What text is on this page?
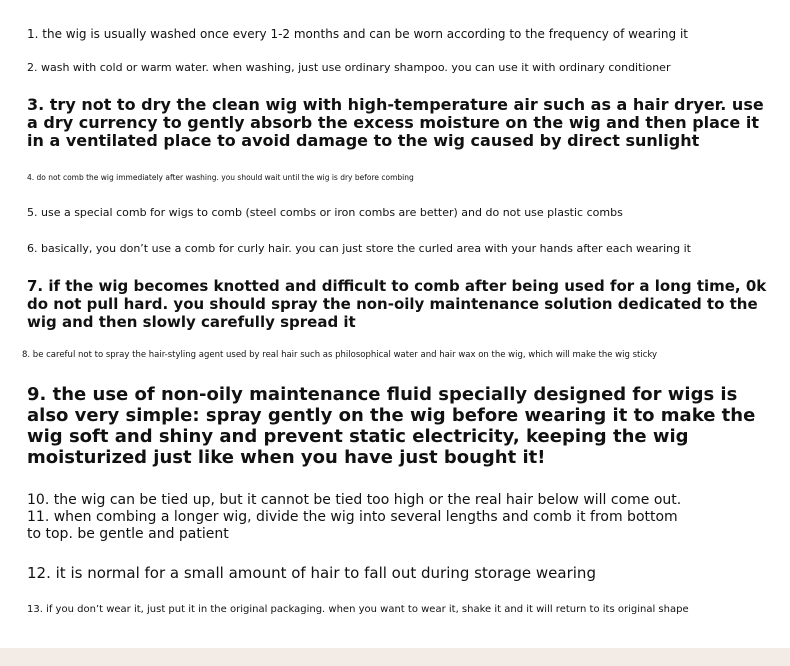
1. the wig is usually washed once every 1-2 months and can be worn according to the frequency of wearing it

2. wash with cold or warm water. when washing, just use ordinary shampoo. you can use it with ordinary conditioner

3. try not to dry the clean wig with high-temperature air such as a hair dryer. use a dry currency to gently absorb the excess moisture on the wig and then place it in a ventilated place to avoid damage to the wig caused by direct sunlight

4. do not comb the wig immediately after washing. you should wait until the wig is dry before combing

5. use a special comb for wigs to comb (steel combs or iron combs are better) and do not use plastic combs

6. basically, you don’t use a comb for curly hair. you can just store the curled area with your hands after each wearing it

7. if the wig becomes knotted and difficult to comb after being used for a long time, 0k do not pull hard. you should spray the non-oily maintenance solution dedicated to the wig and then slowly carefully spread it

8. be careful not to spray the hair-styling agent used by real hair such as philosophical water and hair wax on the wig, which will make the wig sticky

9. the use of non-oily maintenance fluid specially designed for wigs is also very simple: spray gently on the wig before wearing it to make the wig soft and shiny and prevent static electricity, keeping the wig moisturized just like when you have just bought it!

10. the wig can be tied up, but it cannot be tied too high or the real hair below will come out. 11. when combing a longer wig, divide the wig into several lengths and comb it from bottom to top. be gentle and patient

12. it is normal for a small amount of hair to fall out during storage wearing

13. if you don’t wear it, just put it in the original packaging. when you want to wear it, shake it and it will return to its original shape
